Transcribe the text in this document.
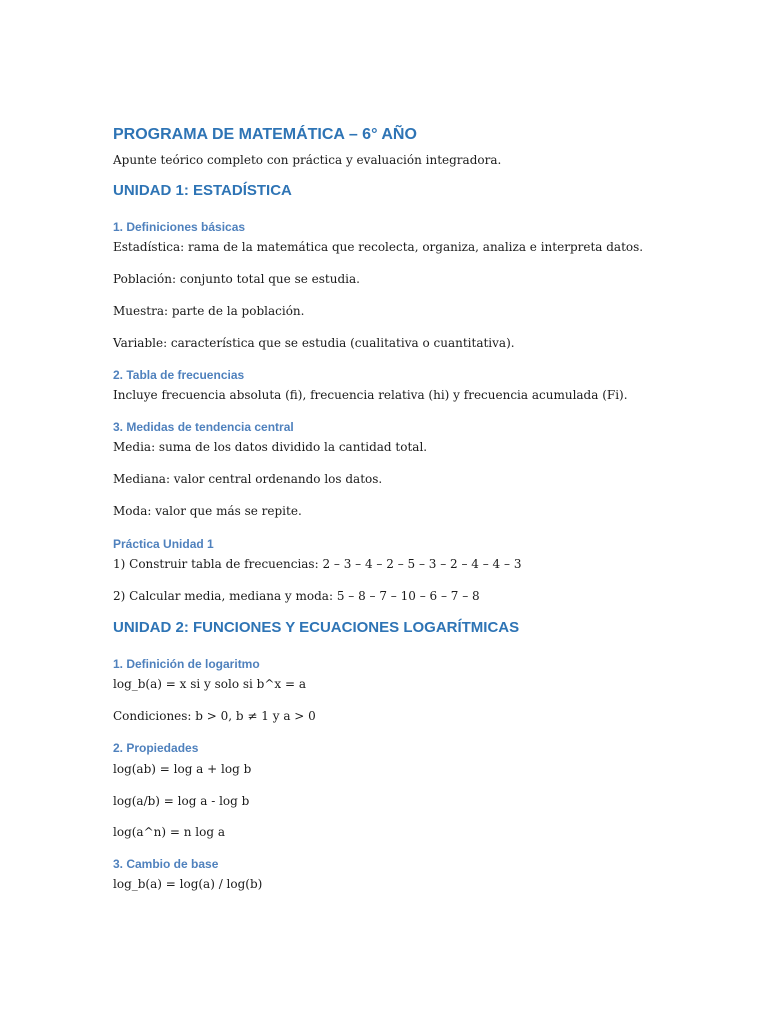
PROGRAMA DE MATEMÁTICA – 6° AÑO

Apunte teórico completo con práctica y evaluación integradora.

UNIDAD 1: ESTADÍSTICA
1. Definiciones básicas

Estadística: rama de la matemática que recolecta, organiza, analiza e interpreta datos.

Población: conjunto total que se estudia.

Muestra: parte de la población.

Variable: característica que se estudia (cualitativa o cuantitativa).

2. Tabla de frecuencias

Incluye frecuencia absoluta (fi), frecuencia relativa (hi) y frecuencia acumulada (Fi).

3. Medidas de tendencia central

Media: suma de los datos dividido la cantidad total.

Mediana: valor central ordenando los datos.

Moda: valor que más se repite.

Práctica Unidad 1

1) Construir tabla de frecuencias: 2 – 3 – 4 – 2 – 5 – 3 – 2 – 4 – 4 – 3

2) Calcular media, mediana y moda: 5 – 8 – 7 – 10 – 6 – 7 – 8

UNIDAD 2: FUNCIONES Y ECUACIONES LOGARÍTMICAS
1. Definición de logaritmo

log_b(a) = x si y solo si b^x = a

Condiciones: b > 0, b ≠ 1 y a > 0

2. Propiedades

log(ab) = log a + log b

log(a/b) = log a - log b

log(a^n) = n log a

3. Cambio de base

log_b(a) = log(a) / log(b)
